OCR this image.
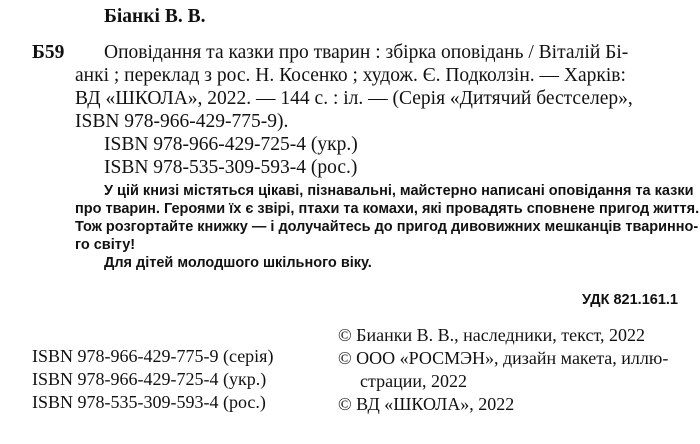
Біанкі В. В.
Б59 Оповідання та казки про тварин : збірка оповідань / Віталій Бі-
анкі ; переклад з рос. Н. Косенко ; худож. Є. Подколзін. — Харків:
ВД «ШКОЛА», 2022. — 144 с. : іл. — (Серія «Дитячий бестселер»,
ISBN 978-966-429-775-9).
ISBN 978-966-429-725-4 (укр.)
ISBN 978-535-309-593-4 (рос.)
У цій книзі містяться цікаві, пізнавальні, майстерно написані оповідання та казки
про тварин. Героями їх є звірі, птахи та комахи, які провадять сповнене пригод життя.
Тож розгортайте книжку — і долучайтесь до пригод дивовижних мешканців тваринно-
го світу!
Для дітей молодшого шкільного віку.
УДК 821.161.1
ISBN 978-966-429-775-9 (серія)
ISBN 978-966-429-725-4 (укр.)
ISBN 978-535-309-593-4 (рос.)
© Бианки В. В., наследники, текст, 2022
© ООО «РОСМЭН», дизайн макета, иллю-
страции, 2022
© ВД «ШКОЛА», 2022
